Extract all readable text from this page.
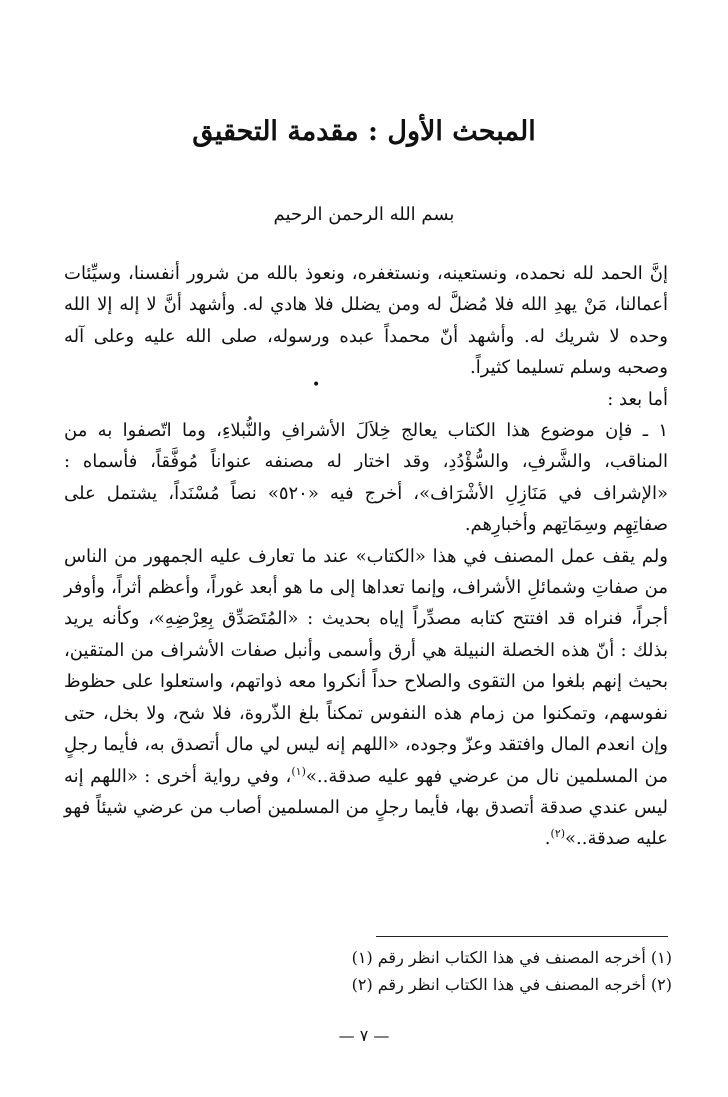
المبحث الأول : مقدمة التحقيق
بسم الله الرحمن الرحيم

إنَّ الحمد لله نحمده، ونستعينه، ونستغفره، ونعوذ بالله من شرور أنفسنا، وسيِّئات أعمالنا، مَنْ يهدِ الله فلا مُضلَّ له ومن يضلل فلا هادي له. وأشهد أنَّ لا إله إلا الله وحده لا شريك له. وأشهد أنّ محمداً عبده ورسوله، صلى الله عليه وعلى آله وصحبه وسلم تسليما كثيراً.

أما بعد :

١ ـ فإن موضوع هذا الكتاب يعالج خِلاَلَ الأشرافِ والنُّبلاءِ، وما اتّصفوا به من المناقب، والشَّرفِ، والسُّؤْدُدِ، وقد اختار له مصنفه عنواناً مُوفَّقاً، فأسماه : «الإشراف في مَنَازِلِ الأشْرَاف»، أخرج فيه «٥٢٠» نصاً مُسْنَداً، يشتمل على صفاتِهِم وسِمَاتِهم وأخبارِهم.

ولم يقف عمل المصنف في هذا «الكتاب» عند ما تعارف عليه الجمهور من الناس من صفاتِ وشمائلِ الأشراف، وإنما تعداها إلى ما هو أبعد غوراً، وأعظم أثراً، وأوفر أجراً، فنراه قد افتتح كتابه مصدِّراً إياه بحديث : «المُتَصَدِّق بِعِرْضِهِ»، وكأنه يريد بذلك : أنّ هذه الخصلة النبيلة هي أرق وأسمى وأنبل صفات الأشراف من المتقين، بحيث إنهم بلغوا من التقوى والصلاح حداً أنكروا معه ذواتهم، واستعلوا على حظوظ نفوسهم، وتمكنوا من زمام هذه النفوس تمكناً بلغ الذّروة، فلا شح، ولا بخل، حتى وإن انعدم المال وافتقد وعزّ وجوده، «اللهم إنه ليس لي مال أتصدق به، فأيما رجلٍ من المسلمين نال من عرضي فهو عليه صدقة..»$^{(١)}$، وفي رواية أخرى : «اللهم إنه ليس عندي صدقة أتصدق بها، فأيما رجلٍ من المسلمين أصاب من عرضي شيئاً فهو عليه صدقة..»$^{(٢)}$.

•

(١) أخرجه المصنف في هذا الكتاب انظر رقم (١)

(٢) أخرجه المصنف في هذا الكتاب انظر رقم (٢)

— ٧ —
